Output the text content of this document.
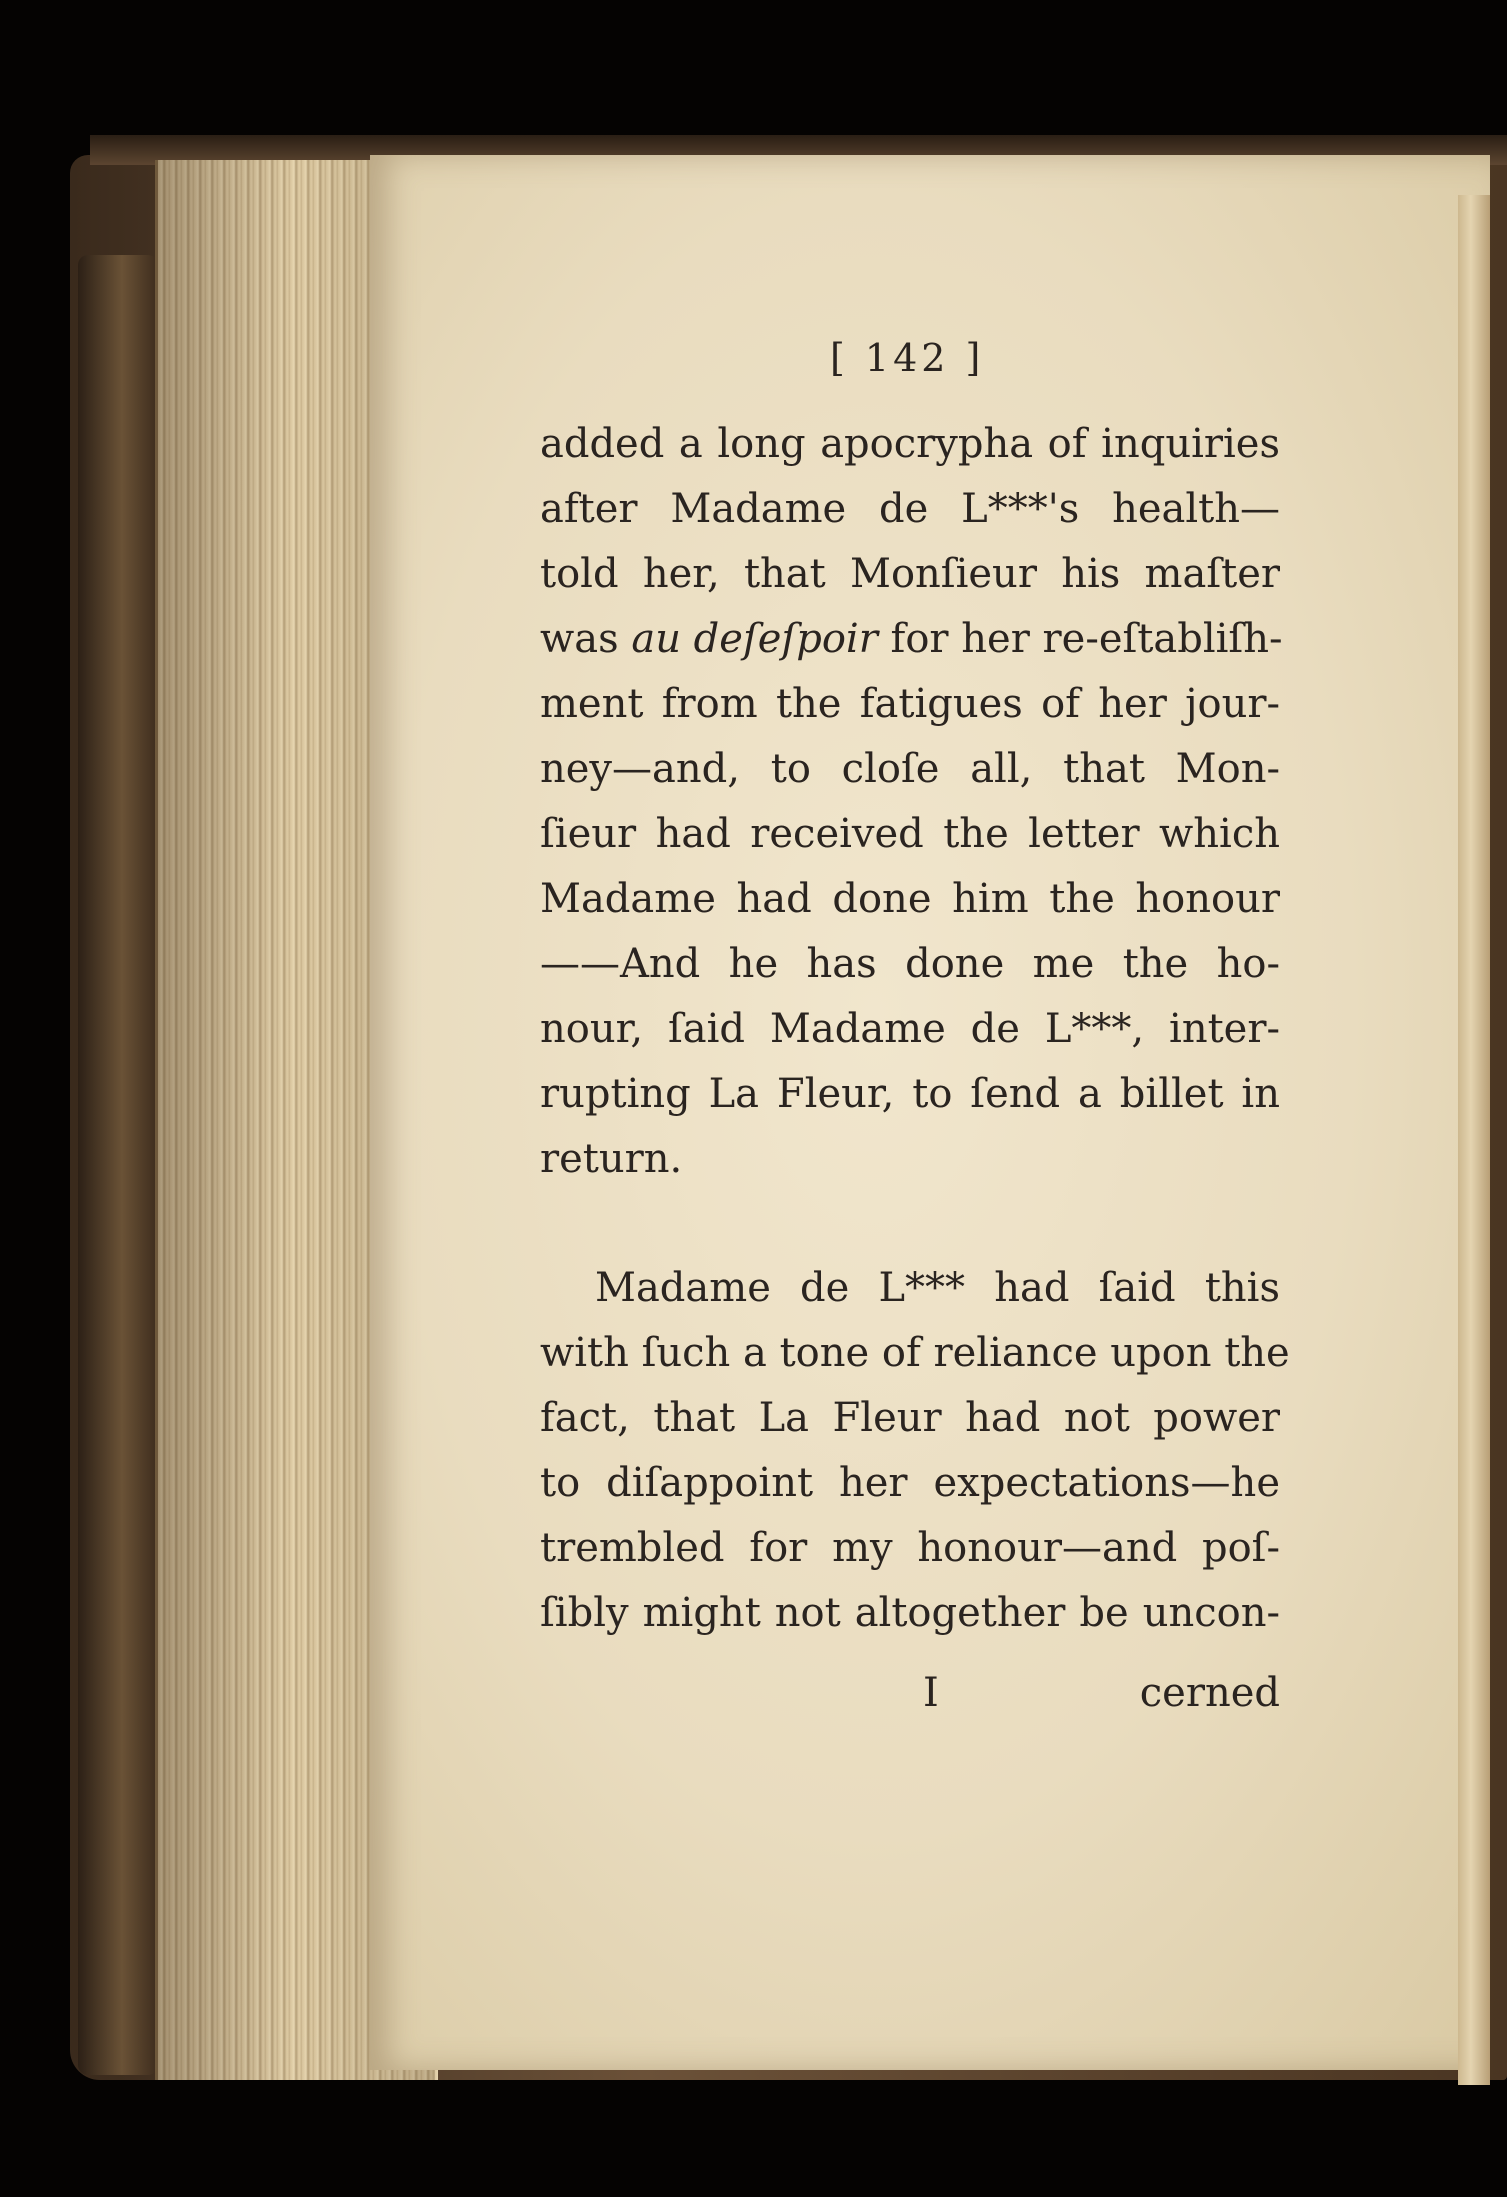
[ 142 ]
added a long apocrypha of inquiries
after Madame de L***'s health—
told her, that Monſieur his maſter
was au deſeſpoir for her re-eſtabliſh-
ment from the fatigues of her jour-
ney—and, to cloſe all, that Mon-
ſieur had received the letter which
Madame had done him the honour
——And he has done me the ho-
nour, ſaid Madame de L***, inter-
rupting La Fleur, to ſend a billet in
return.
Madame de L*** had ſaid this
with ſuch a tone of reliance upon the
fact, that La Fleur had not power
to diſappoint her expectations—he
trembled for my honour—and poſ-
ſibly might not altogether be uncon-
I	cerned
